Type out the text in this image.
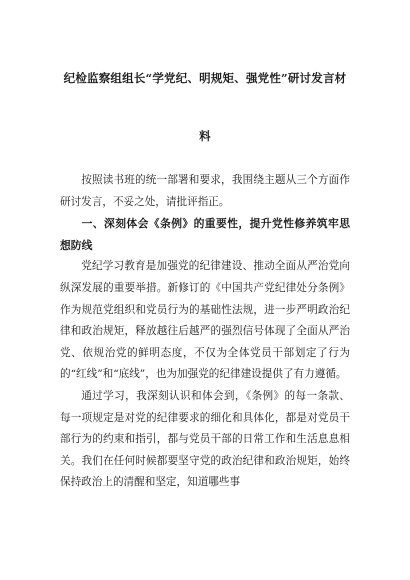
纪检监察组组长“学党纪、明规矩、强党性”研讨发言材
料

按照读书班的统一部署和要求，我围绕主题从三个方面作研讨发言，不妥之处，请批评指正。

一、深刻体会《条例》的重要性，提升党性修养筑牢思想防线

党纪学习教育是加强党的纪律建设、推动全面从严治党向纵深发展的重要举措。新修订的《中国共产党纪律处分条例》作为规范党组织和党员行为的基础性法规，进一步严明政治纪律和政治规矩，释放越往后越严的强烈信号体现了全面从严治党、依规治党的鲜明态度，不仅为全体党员干部划定了行为的“红线”和“底线”，也为加强党的纪律建设提供了有力遵循。

通过学习，我深刻认识和体会到，《条例》的每一条款、每一项规定是对党的纪律要求的细化和具体化，都是对党员干部行为的约束和指引，都与党员干部的日常工作和生活息息相关。我们在任何时候都要坚守党的政治纪律和政治规矩，始终保持政治上的清醒和坚定，知道哪些事
